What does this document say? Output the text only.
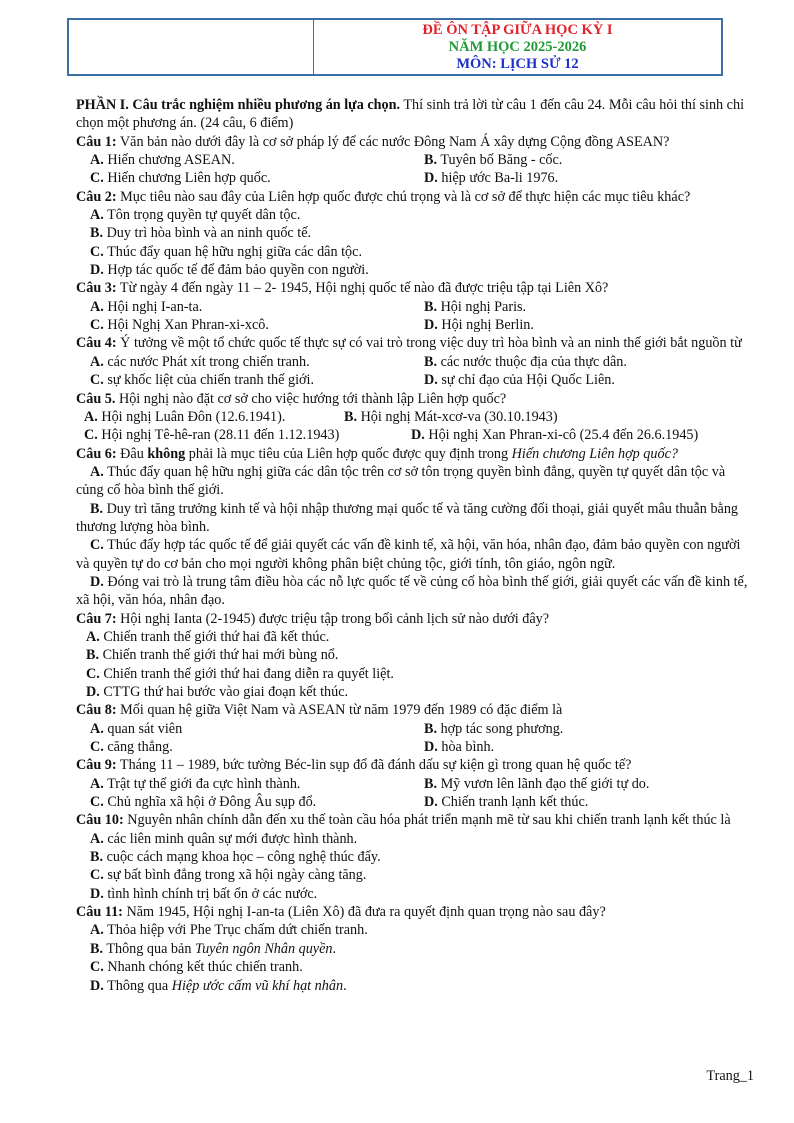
ĐỀ ÔN TẬP GIỮA HỌC KỲ I
NĂM HỌC 2025-2026
MÔN: LỊCH SỬ 12

PHẦN I. Câu trắc nghiệm nhiều phương án lựa chọn. Thí sinh trả lời từ câu 1 đến câu 24. Mỗi câu hỏi thí sinh chỉ chọn một phương án. (24 câu, 6 điểm)

Câu 1: Văn bản nào dưới đây là cơ sở pháp lý để các nước Đông Nam Á xây dựng Cộng đồng ASEAN?

A. Hiến chương ASEAN.	B. Tuyên bố Băng - cốc.
C. Hiến chương Liên hợp quốc.	D. hiệp ước Ba-li 1976.

Câu 2: Mục tiêu nào sau đây của Liên hợp quốc được chú trọng và là cơ sở để thực hiện các mục tiêu khác?

A. Tôn trọng quyền tự quyết dân tộc.

B. Duy trì hòa bình và an ninh quốc tế.

C. Thúc đẩy quan hệ hữu nghị giữa các dân tộc.

D. Hợp tác quốc tế để đảm bảo quyền con người.

Câu 3: Từ ngày 4 đến ngày 11 – 2- 1945, Hội nghị quốc tế nào đã được triệu tập tại Liên Xô?

A. Hội nghị I-an-ta.	B. Hội nghị Paris.
C. Hội Nghị Xan Phran-xi-xcô.	D. Hội nghị Berlin.

Câu 4: Ý tưởng về một tổ chức quốc tế thực sự có vai trò trong việc duy trì hòa bình và an ninh thế giới bắt nguồn từ

A. các nước Phát xít trong chiến tranh.	B. các nước thuộc địa của thực dân.
C. sự khốc liệt của chiến tranh thế giới.	D. sự chỉ đạo của Hội Quốc Liên.

Câu 5. Hội nghị nào đặt cơ sở cho việc hướng tới thành lập Liên hợp quốc?

A. Hội nghị Luân Đôn (12.6.1941).	B. Hội nghị Mát-xcơ-va (30.10.1943)
C. Hội nghị Tê-hê-ran (28.11 đến 1.12.1943)	D. Hội nghị Xan Phran-xi-cô (25.4 đến 26.6.1945)

Câu 6: Đâu không phải là mục tiêu của Liên hợp quốc được quy định trong Hiến chương Liên hợp quốc?

A. Thúc đẩy quan hệ hữu nghị giữa các dân tộc trên cơ sở tôn trọng quyền bình đẳng, quyền tự quyết dân tộc và củng cố hòa bình thế giới.

B. Duy trì tăng trưởng kinh tế và hội nhập thương mại quốc tế và tăng cường đối thoại, giải quyết mâu thuẫn bằng thương lượng hòa bình.

C. Thúc đẩy hợp tác quốc tế để giải quyết các vấn đề kinh tế, xã hội, văn hóa, nhân đạo, đảm bảo quyền con người và quyền tự do cơ bản cho mọi người không phân biệt chủng tộc, giới tính, tôn giáo, ngôn ngữ.

D. Đóng vai trò là trung tâm điều hòa các nỗ lực quốc tế về củng cố hòa bình thế giới, giải quyết các vấn đề kinh tế, xã hội, văn hóa, nhân đạo.

Câu 7: Hội nghị Ianta (2-1945) được triệu tập trong bối cảnh lịch sử nào dưới đây?

A. Chiến tranh thế giới thứ hai đã kết thúc.

B. Chiến tranh thế giới thứ hai mới bùng nổ.

C. Chiến tranh thế giới thứ hai đang diễn ra quyết liệt.

D. CTTG thứ hai bước vào giai đoạn kết thúc.

Câu 8: Mối quan hệ giữa Việt Nam và ASEAN từ năm 1979 đến 1989 có đặc điểm là

A. quan sát viên	B. hợp tác song phương.
C. căng thẳng.	D. hòa bình.

Câu 9: Tháng 11 – 1989, bức tường Béc-lin sụp đổ đã đánh dấu sự kiện gì trong quan hệ quốc tế?

A. Trật tự thế giới đa cực hình thành.	B. Mỹ vươn lên lãnh đạo thế giới tự do.
C. Chủ nghĩa xã hội ở Đông Âu sụp đổ.	D. Chiến tranh lạnh kết thúc.

Câu 10: Nguyên nhân chính dẫn đến xu thế toàn cầu hóa phát triển mạnh mẽ từ sau khi chiến tranh lạnh kết thúc là

A. các liên minh quân sự mới được hình thành.

B. cuộc cách mạng khoa học – công nghệ thúc đẩy.

C. sự bất bình đẳng trong xã hội ngày càng tăng.

D. tình hình chính trị bất ổn ở các nước.

Câu 11: Năm 1945, Hội nghị I-an-ta (Liên Xô) đã đưa ra quyết định quan trọng nào sau đây?

A. Thỏa hiệp với Phe Trục chấm dứt chiến tranh.

B. Thông qua bản Tuyên ngôn Nhân quyền.

C. Nhanh chóng kết thúc chiến tranh.

D. Thông qua Hiệp ước cấm vũ khí hạt nhân.

Trang_1
